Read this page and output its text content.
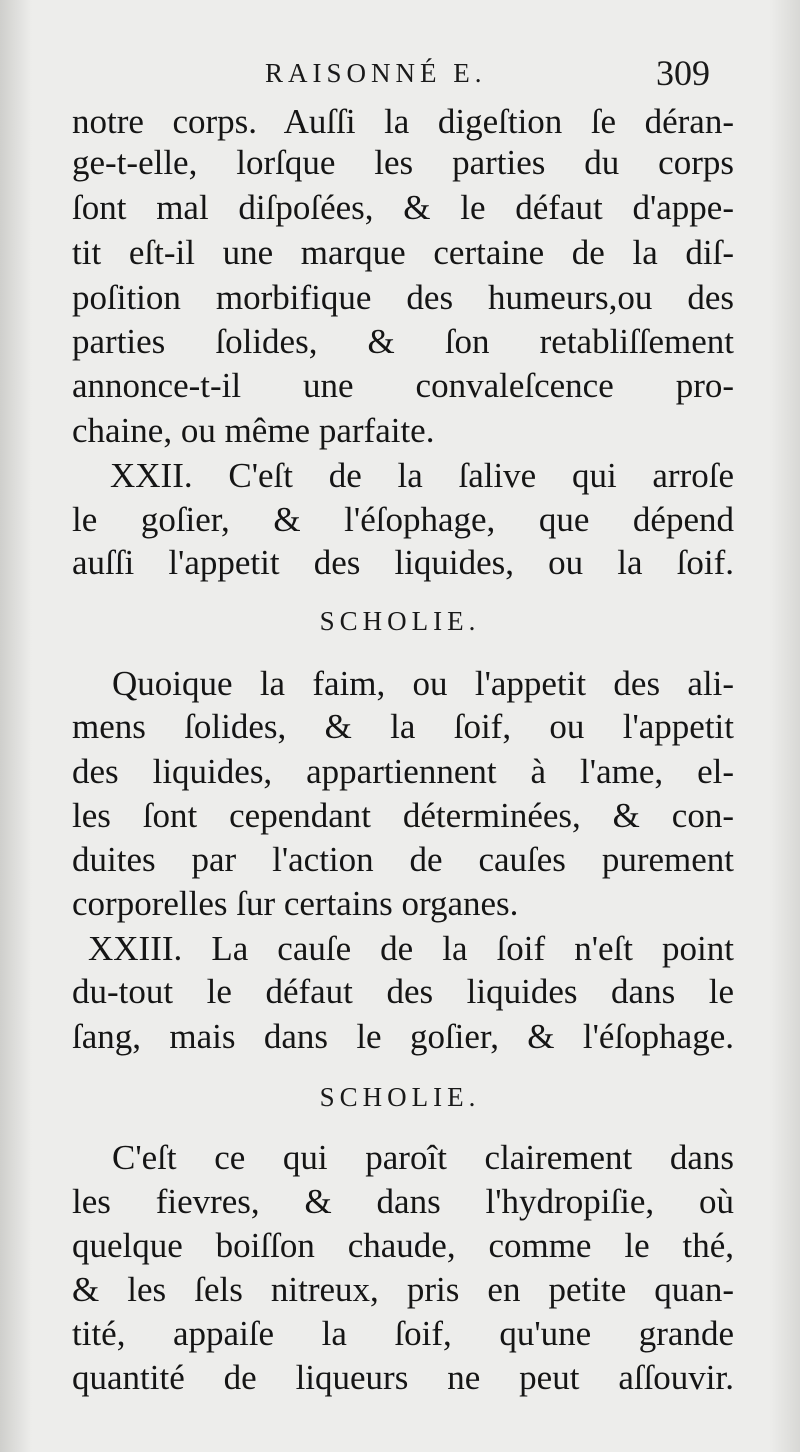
RAISONNÉ E.	309
notre corps. Auſſi la digeſtion ſe déran-
ge-t-elle, lorſque les parties du corps
ſont mal diſpoſées, & le défaut d'appe-
tit eſt-il une marque certaine de la diſ-
poſition morbifique des humeurs,ou des
parties ſolides, & ſon retabliſſement
annonce-t-il une convaleſcence pro-
chaine, ou même parfaite.
XXII. C'eſt de la ſalive qui arroſe
le goſier, & l'éſophage, que dépend
auſſi l'appetit des liquides, ou la ſoif.
SCHOLIE.
Quoique la faim, ou l'appetit des ali-
mens ſolides, & la ſoif, ou l'appetit
des liquides, appartiennent à l'ame, el-
les ſont cependant déterminées, & con-
duites par l'action de cauſes purement
corporelles ſur certains organes.
XXIII. La cauſe de la ſoif n'eſt point
du-tout le défaut des liquides dans le
ſang, mais dans le goſier, & l'éſophage.
SCHOLIE.
C'eſt ce qui paroît clairement dans
les fievres, & dans l'hydropiſie, où
quelque boiſſon chaude, comme le thé,
& les ſels nitreux, pris en petite quan-
tité, appaiſe la ſoif, qu'une grande
quantité de liqueurs ne peut aſſouvir.
